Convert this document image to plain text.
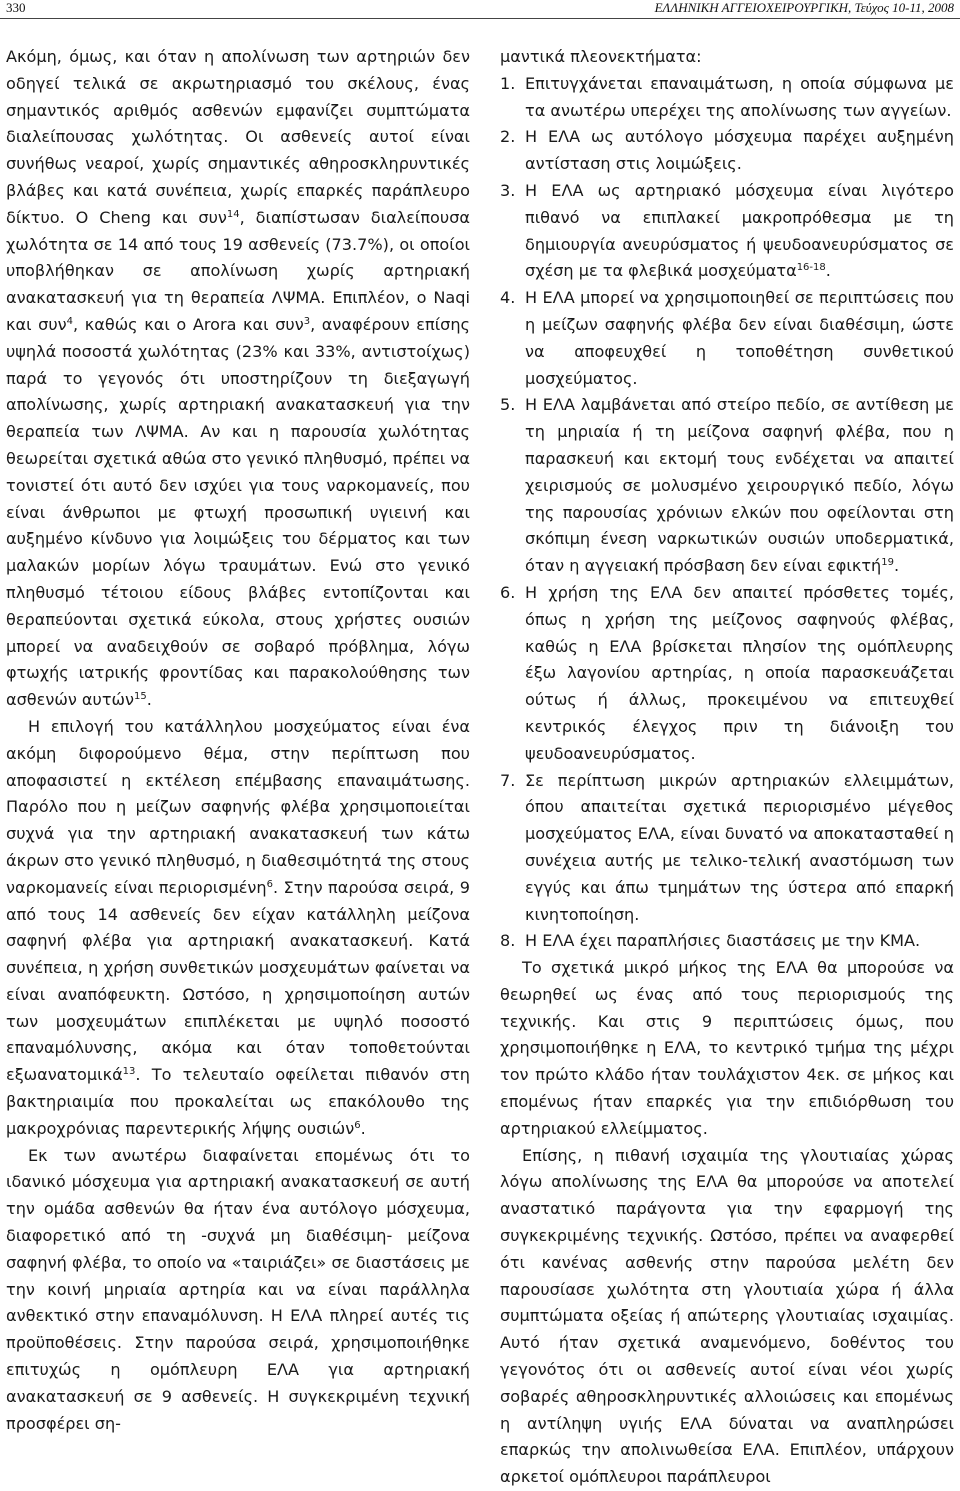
330	ΕΛΛΗΝΙΚΗ ΑΓΓΕΙΟΧΕΙΡΟΥΡΓΙΚΗ, Τεύχος 10-11, 2008

Ακόμη, όμως, και όταν η απολίνωση των αρτηριών δεν οδηγεί τελικά σε ακρωτηριασμό του σκέλους, ένας σημαντικός αριθμός ασθενών εμφανίζει συμπτώματα διαλείπουσας χωλότητας. Οι ασθενείς αυτοί είναι συνήθως νεαροί, χωρίς σημαντικές αθηροσκληρυντικές βλάβες και κατά συνέπεια, χωρίς επαρκές παράπλευρο δίκτυο. Ο Cheng και συν$^{14}$, διαπίστωσαν διαλείπουσα χωλότητα σε 14 από τους 19 ασθενείς (73.7%), οι οποίοι υποβλήθηκαν σε απολίνωση χωρίς αρτηριακή ανακατασκευή για τη θεραπεία ΛΨΜΑ. Επιπλέον, ο Naqi και συν$^4$, καθώς και ο Arora και συν$^3$, αναφέρουν επίσης υψηλά ποσοστά χωλότητας (23% και 33%, αντιστοίχως) παρά το γεγονός ότι υποστηρίζουν τη διεξαγωγή απολίνωσης, χωρίς αρτηριακή ανακατασκευή για την θεραπεία των ΛΨΜΑ. Αν και η παρουσία χωλότητας θεωρείται σχετικά αθώα στο γενικό πληθυσμό, πρέπει να τονιστεί ότι αυτό δεν ισχύει για τους ναρκομανείς, που είναι άνθρωποι με φτωχή προσωπική υγιεινή και αυξημένο κίνδυνο για λοιμώξεις του δέρματος και των μαλακών μορίων λόγω τραυμάτων. Ενώ στο γενικό πληθυσμό τέτοιου είδους βλάβες εντοπίζονται και θεραπεύονται σχετικά εύκολα, στους χρήστες ουσιών μπορεί να αναδειχθούν σε σοβαρό πρόβλημα, λόγω φτωχής ιατρικής φροντίδας και παρακολούθησης των ασθενών αυτών$^{15}$.

Η επιλογή του κατάλληλου μοσχεύματος είναι ένα ακόμη διφορούμενο θέμα, στην περίπτωση που αποφασιστεί η εκτέλεση επέμβασης επαναιμάτωσης. Παρόλο που η μείζων σαφηνής φλέβα χρησιμοποιείται συχνά για την αρτηριακή ανακατασκευή των κάτω άκρων στο γενικό πληθυσμό, η διαθεσιμότητά της στους ναρκομανείς είναι περιορισμένη$^6$. Στην παρούσα σειρά, 9 από τους 14 ασθενείς δεν είχαν κατάλληλη μείζονα σαφηνή φλέβα για αρτηριακή ανακατασκευή. Κατά συνέπεια, η χρήση συνθετικών μοσχευμάτων φαίνεται να είναι αναπόφευκτη. Ωστόσο, η χρησιμοποίηση αυτών των μοσχευμάτων επιπλέκεται με υψηλό ποσοστό επαναμόλυνσης, ακόμα και όταν τοποθετούνται εξωανατομικά$^{13}$. Το τελευταίο οφείλεται πιθανόν στη βακτηριαιμία που προκαλείται ως επακόλουθο της μακροχρόνιας παρεντερικής λήψης ουσιών$^6$.

Εκ των ανωτέρω διαφαίνεται επομένως ότι το ιδανικό μόσχευμα για αρτηριακή ανακατασκευή σε αυτή την ομάδα ασθενών θα ήταν ένα αυτόλογο μόσχευμα, διαφορετικό από τη -συχνά μη διαθέσιμη- μείζονα σαφηνή φλέβα, το οποίο να «ταιριάζει» σε διαστάσεις με την κοινή μηριαία αρτηρία και να είναι παράλληλα ανθεκτικό στην επαναμόλυνση. Η ΕΛΑ πληρεί αυτές τις προϋποθέσεις. Στην παρούσα σειρά, χρησιμοποιήθηκε επιτυχώς η ομόπλευρη ΕΛΑ για αρτηριακή ανακατασκευή σε 9 ασθενείς. Η συγκεκριμένη τεχνική προσφέρει ση-

μαντικά πλεονεκτήματα:

1. Επιτυγχάνεται επαναιμάτωση, η οποία σύμφωνα με τα ανωτέρω υπερέχει της απολίνωσης των αγγείων.
2. Η ΕΛΑ ως αυτόλογο μόσχευμα παρέχει αυξημένη αντίσταση στις λοιμώξεις.
3. Η ΕΛΑ ως αρτηριακό μόσχευμα είναι λιγότερο πιθανό να επιπλακεί μακροπρόθεσμα με τη δημιουργία ανευρύσματος ή ψευδοανευρύσματος σε σχέση με τα φλεβικά μοσχεύματα$^{16-18}$.
4. Η ΕΛΑ μπορεί να χρησιμοποιηθεί σε περιπτώσεις που η μείζων σαφηνής φλέβα δεν είναι διαθέσιμη, ώστε να αποφευχθεί η τοποθέτηση συνθετικού μοσχεύματος.
5. Η ΕΛΑ λαμβάνεται από στείρο πεδίο, σε αντίθεση με τη μηριαία ή τη μείζονα σαφηνή φλέβα, που η παρασκευή και εκτομή τους ενδέχεται να απαιτεί χειρισμούς σε μολυσμένο χειρουργικό πεδίο, λόγω της παρουσίας χρόνιων ελκών που οφείλονται στη σκόπιμη ένεση ναρκωτικών ουσιών υποδερματικά, όταν η αγγειακή πρόσβαση δεν είναι εφικτή$^{19}$.
6. Η χρήση της ΕΛΑ δεν απαιτεί πρόσθετες τομές, όπως η χρήση της μείζονος σαφηνούς φλέβας, καθώς η ΕΛΑ βρίσκεται πλησίον της ομόπλευρης έξω λαγονίου αρτηρίας, η οποία παρασκευάζεται ούτως ή άλλως, προκειμένου να επιτευχθεί κεντρικός έλεγχος πριν τη διάνοιξη του ψευδοανευρύσματος.
7. Σε περίπτωση μικρών αρτηριακών ελλειμμάτων, όπου απαιτείται σχετικά περιορισμένο μέγεθος μοσχεύματος ΕΛΑ, είναι δυνατό να αποκατασταθεί η συνέχεια αυτής με τελικο-τελική αναστόμωση των εγγύς και άπω τμημάτων της ύστερα από επαρκή κινητοποίηση.
8. Η ΕΛΑ έχει παραπλήσιες διαστάσεις με την ΚΜΑ.

Το σχετικά μικρό μήκος της ΕΛΑ θα μπορούσε να θεωρηθεί ως ένας από τους περιορισμούς της τεχνικής. Και στις 9 περιπτώσεις όμως, που χρησιμοποιήθηκε η ΕΛΑ, το κεντρικό τμήμα της μέχρι τον πρώτο κλάδο ήταν τουλάχιστον 4εκ. σε μήκος και επομένως ήταν επαρκές για την επιδιόρθωση του αρτηριακού ελλείμματος.

Επίσης, η πιθανή ισχαιμία της γλουτιαίας χώρας λόγω απολίνωσης της ΕΛΑ θα μπορούσε να αποτελεί αναστατικό παράγοντα για την εφαρμογή της συγκεκριμένης τεχνικής. Ωστόσο, πρέπει να αναφερθεί ότι κανένας ασθενής στην παρούσα μελέτη δεν παρουσίασε χωλότητα στη γλουτιαία χώρα ή άλλα συμπτώματα οξείας ή απώτερης γλουτιαίας ισχαιμίας. Αυτό ήταν σχετικά αναμενόμενο, δοθέντος του γεγονότος ότι οι ασθενείς αυτοί είναι νέοι χωρίς σοβαρές αθηροσκληρυντικές αλλοιώσεις και επομένως η αντίληψη υγιής ΕΛΑ δύναται να αναπληρώσει επαρκώς την απολινωθείσα ΕΛΑ. Επιπλέον, υπάρχουν αρκετοί ομόπλευροι παράπλευροι
